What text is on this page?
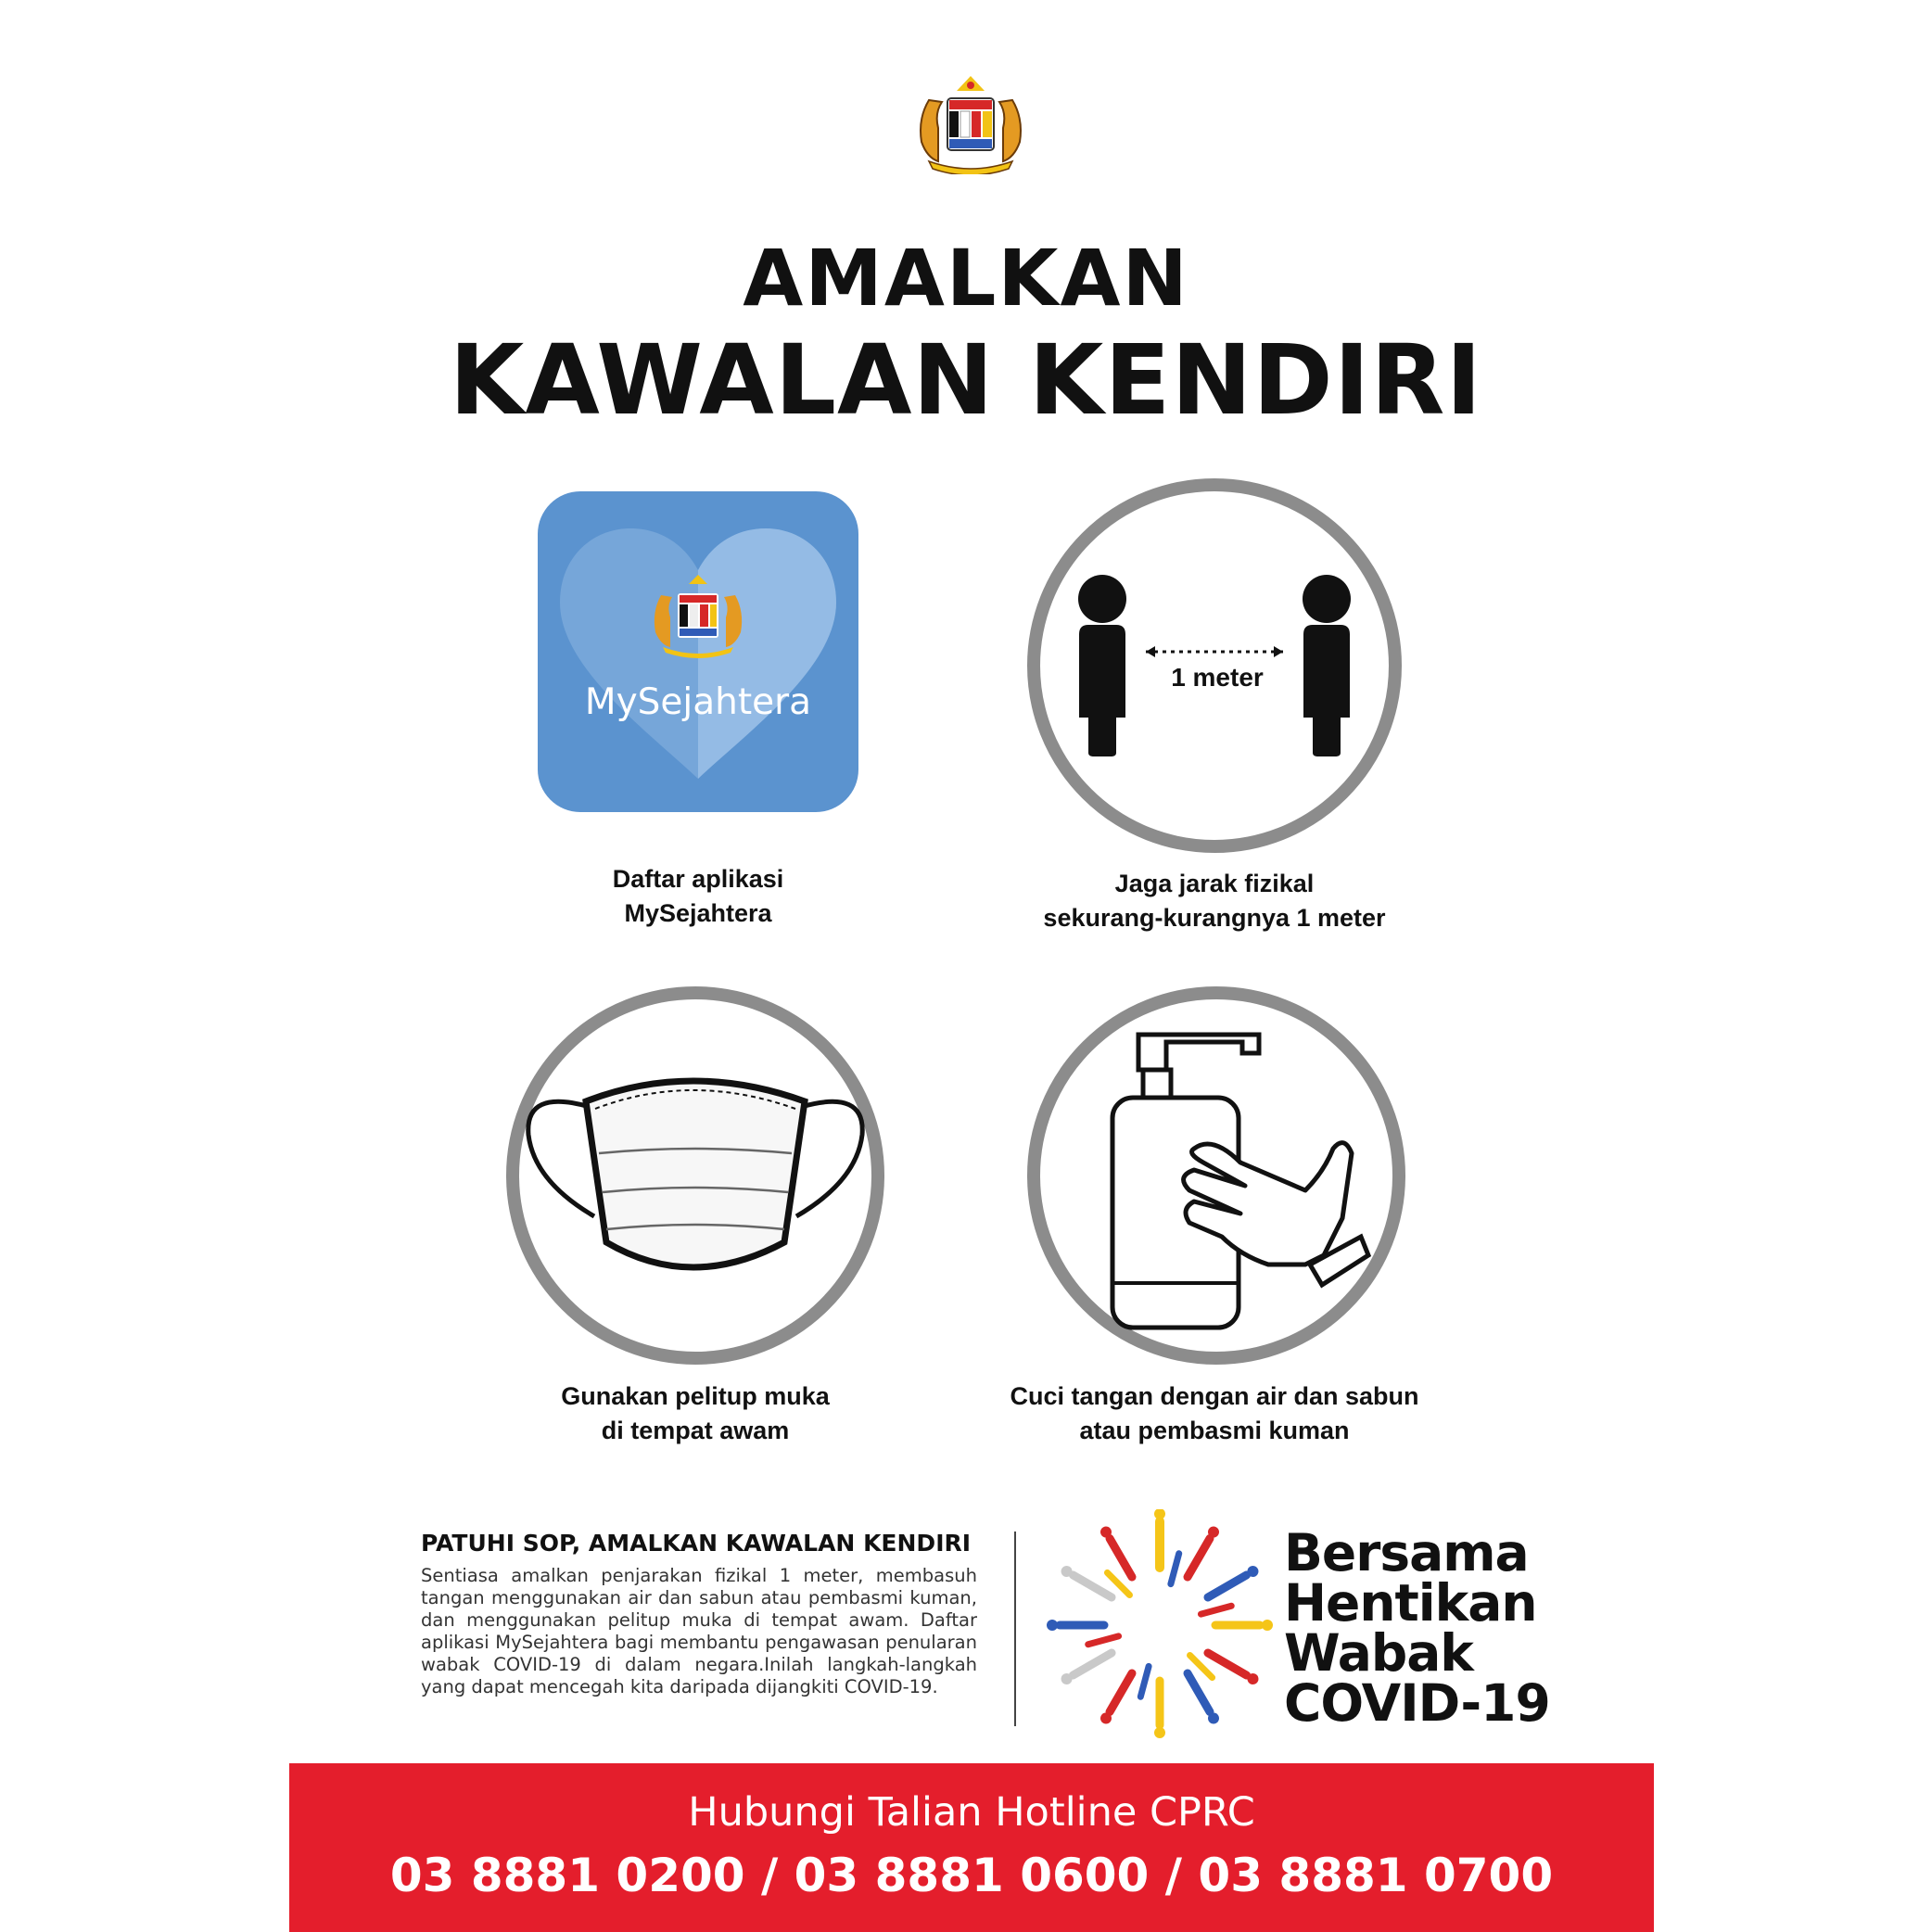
AMALKAN
KAWALAN KENDIRI
MySejahtera
Daftar aplikasi
MySejahtera
1 meter
Jaga jarak fizikal
sekurang-kurangnya 1 meter
Gunakan pelitup muka
di tempat awam
Cuci tangan dengan air dan sabun
atau pembasmi kuman
PATUHI SOP, AMALKAN KAWALAN KENDIRI
Sentiasa amalkan penjarakan fizikal 1 meter, membasuh tangan menggunakan air dan sabun atau pembasmi kuman, dan menggunakan pelitup muka di tempat awam. Daftar aplikasi MySejahtera bagi membantu pengawasan penularan wabak COVID-19 di dalam negara.Inilah langkah-langkah yang dapat mencegah kita daripada dijangkiti COVID-19.
Bersama
Hentikan
Wabak
COVID-19
Hubungi Talian Hotline CPRC
03 8881 0200 / 03 8881 0600 / 03 8881 0700
